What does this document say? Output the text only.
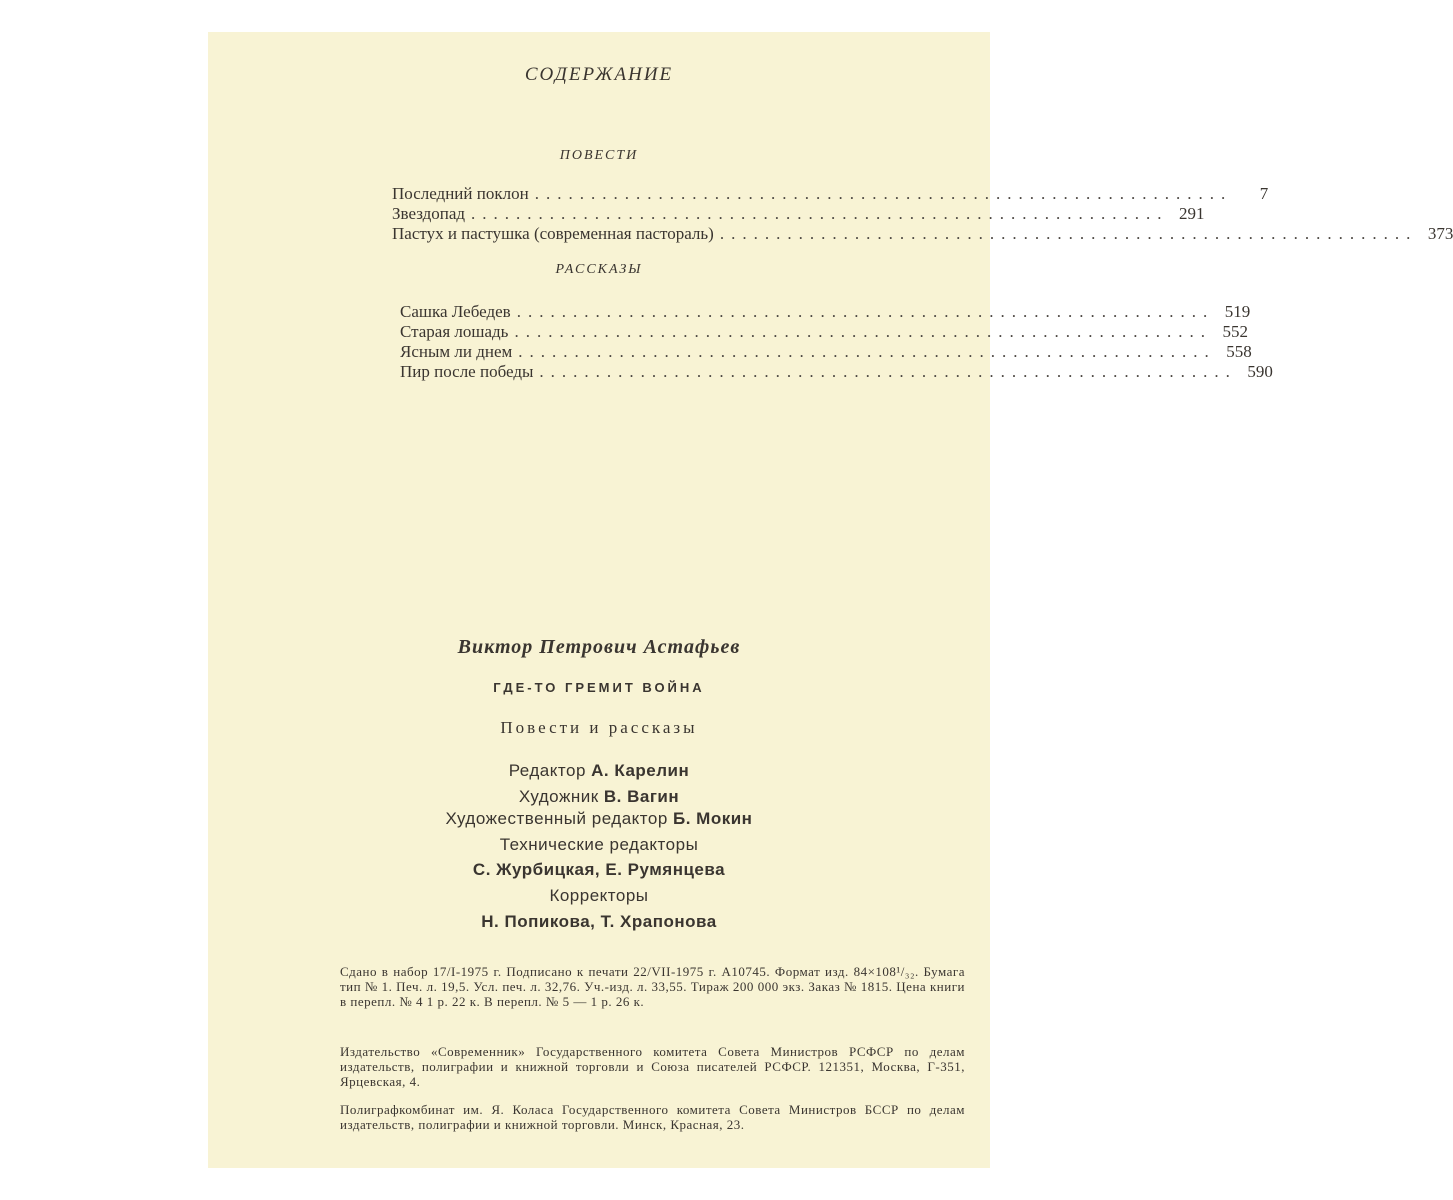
СОДЕРЖАНИЕ
ПОВЕСТИ
Последний поклон ..............................................................	7
Звездопад .............................................................. 291
Пастух и пастушка (современная пастораль) .............................................................. 373
РАССКАЗЫ
Сашка Лебедев .............................................................. 519
Старая лошадь .............................................................. 552
Ясным ли днем .............................................................. 558
Пир после победы .............................................................. 590
Виктор Петрович Астафьев
ГДЕ-ТО ГРЕМИТ ВОЙНА
Повести и рассказы
Редактор А. Карелин
Художник В. Вагин
Художественный редактор Б. Мокин
Технические редакторы
С. Журбицкая, Е. Румянцева
Корректоры
Н. Попикова, Т. Храпонова

Сдано в набор 17/I-1975 г. Подписано к печати 22/VII-1975 г. А10745. Формат изд. 84×108¹/₃₂. Бумага тип № 1. Печ. л. 19,5. Усл. печ. л. 32,76. Уч.-изд. л. 33,55. Тираж 200 000 экз. Заказ № 1815. Цена книги в перепл. № 4 1 р. 22 к. В перепл. № 5 — 1 р. 26 к.

Издательство «Современник» Государственного комитета Совета Министров РСФСР по делам издательств, полиграфии и книжной торговли и Союза писателей РСФСР. 121351, Москва, Г-351, Ярцевская, 4.

Полиграфкомбинат им. Я. Коласа Государственного комитета Совета Министров БССР по делам издательств, полиграфии и книжной торговли. Минск, Красная, 23.
